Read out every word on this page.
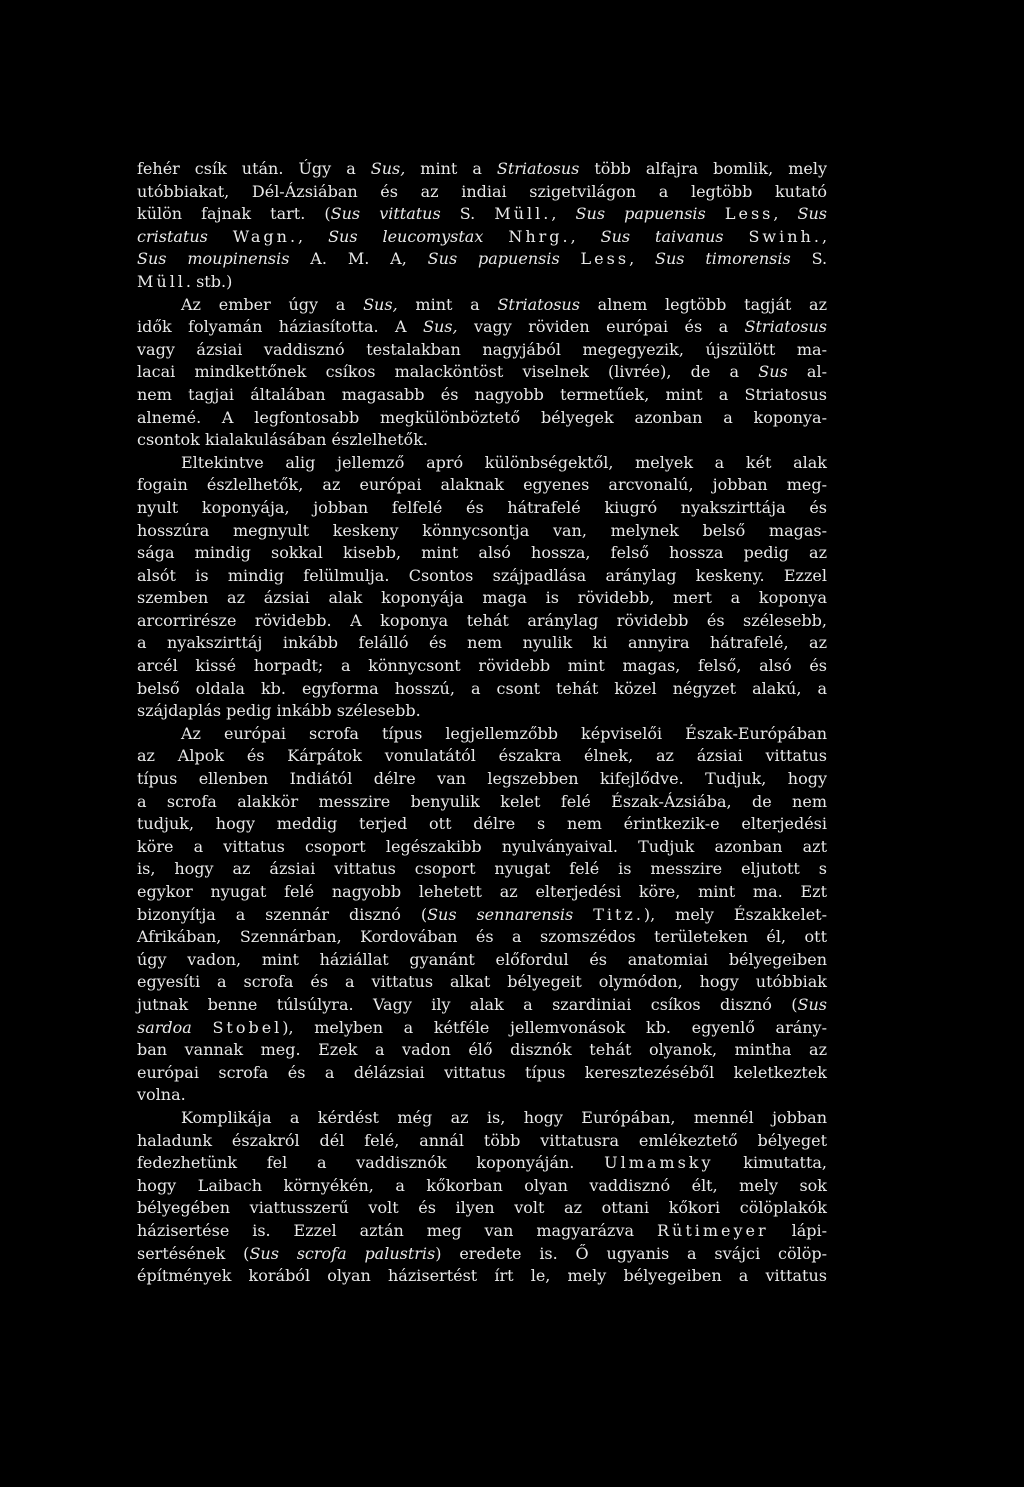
fehér csík után. Úgy a Sus, mint a Striatosus több alfajra bomlik, mely
utóbbiakat, Dél-Ázsiában és az indiai szigetvilágon a legtöbb kutató
külön fajnak tart. (Sus vittatus S. Müll., Sus papuensis Less, Sus
cristatus Wagn., Sus leucomystax Nhrg., Sus taivanus Swinh.,
Sus moupinensis A. M. A, Sus papuensis Less, Sus timorensis S.
Müll. stb.)
Az ember úgy a Sus, mint a Striatosus alnem legtöbb tagját az
idők folyamán háziasította. A Sus, vagy röviden európai és a Striatosus
vagy ázsiai vaddisznó testalakban nagyjából megegyezik, újszülött ma-
lacai mindkettőnek csíkos malacköntöst viselnek (livrée), de a Sus al-
nem tagjai általában magasabb és nagyobb termetűek, mint a Striatosus
alnemé. A legfontosabb megkülönböztető bélyegek azonban a koponya-
csontok kialakulásában észlelhetők.
Eltekintve alig jellemző apró különbségektől, melyek a két alak
fogain észlelhetők, az európai alaknak egyenes arcvonalú, jobban meg-
nyult koponyája, jobban felfelé és hátrafelé kiugró nyakszirttája és
hosszúra megnyult keskeny könnycsontja van, melynek belső magas-
sága mindig sokkal kisebb, mint alsó hossza, felső hossza pedig az
alsót is mindig felülmulja. Csontos szájpadlása aránylag keskeny. Ezzel
szemben az ázsiai alak koponyája maga is rövidebb, mert a koponya
arcorrirésze rövidebb. A koponya tehát aránylag rövidebb és szélesebb,
a nyakszirttáj inkább felálló és nem nyulik ki annyira hátrafelé, az
arcél kissé horpadt; a könnycsont rövidebb mint magas, felső, alsó és
belső oldala kb. egyforma hosszú, a csont tehát közel négyzet alakú, a
szájdaplás pedig inkább szélesebb.
Az európai scrofa típus legjellemzőbb képviselői Észak-Európában
az Alpok és Kárpátok vonulatától északra élnek, az ázsiai vittatus
típus ellenben Indiától délre van legszebben kifejlődve. Tudjuk, hogy
a scrofa alakkör messzire benyulik kelet felé Észak-Ázsiába, de nem
tudjuk, hogy meddig terjed ott délre s nem érintkezik-e elterjedési
köre a vittatus csoport legészakibb nyulványaival. Tudjuk azonban azt
is, hogy az ázsiai vittatus csoport nyugat felé is messzire eljutott s
egykor nyugat felé nagyobb lehetett az elterjedési köre, mint ma. Ezt
bizonyítja a szennár disznó (Sus sennarensis Titz.), mely Északkelet-
Afrikában, Szennárban, Kordovában és a szomszédos területeken él, ott
úgy vadon, mint háziállat gyanánt előfordul és anatomiai bélyegeiben
egyesíti a scrofa és a vittatus alkat bélyegeit olymódon, hogy utóbbiak
jutnak benne túlsúlyra. Vagy ily alak a szardiniai csíkos disznó (Sus
sardoa Stobel), melyben a kétféle jellemvonások kb. egyenlő arány-
ban vannak meg. Ezek a vadon élő disznók tehát olyanok, mintha az
európai scrofa és a délázsiai vittatus típus keresztezéséből keletkeztek
volna.
Komplikája a kérdést még az is, hogy Európában, mennél jobban
haladunk északról dél felé, annál több vittatusra emlékeztető bélyeget
fedezhetünk fel a vaddisznók koponyáján. Ulmamsky kimutatta,
hogy Laibach környékén, a kőkorban olyan vaddisznó élt, mely sok
bélyegében viattusszerű volt és ilyen volt az ottani kőkori cölöplakók
házisertése is. Ezzel aztán meg van magyarázva Rütimeyer lápi-
sertésének (Sus scrofa palustris) eredete is. Ő ugyanis a svájci cölöp-
építmények korából olyan házisertést írt le, mely bélyegeiben a vittatus
